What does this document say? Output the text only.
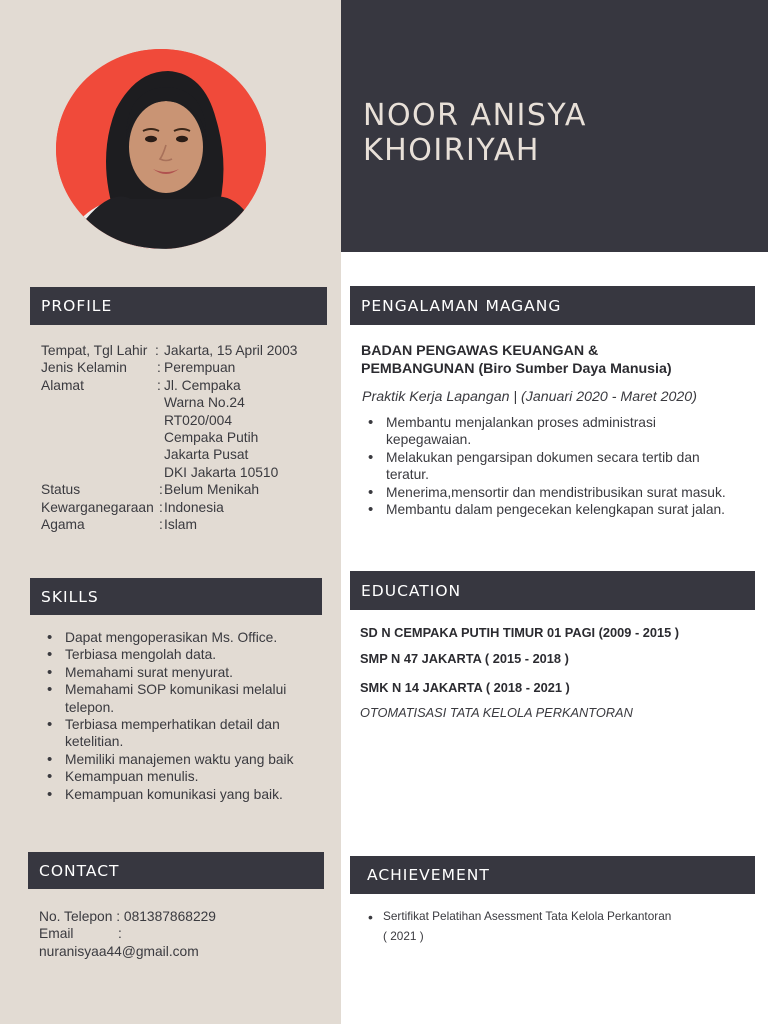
NOOR ANISYA KHOIRIYAH
PROFILE
Tempat, Tgl Lahir : Jakarta, 15 April 2003
Jenis Kelamin : Perempuan
Alamat	: Jl. Cempaka
Warna No.24
RT020/004
Cempaka Putih
Jakarta Pusat
DKI Jakarta 10510
Status	: Belum Menikah
Kewarganegaraan : Indonesia
Agama	: Islam
SKILLS
• Dapat mengoperasikan Ms. Office.
• Terbiasa mengolah data.
• Memahami surat menyurat.
• Memahami SOP komunikasi melalui telepon.
• Terbiasa memperhatikan detail dan ketelitian.
• Memiliki manajemen waktu yang baik
• Kemampuan menulis.
• Kemampuan komunikasi yang baik.
CONTACT
No. Telepon : 081387868229
Email	:
nuranisyaa44@gmail.com
PENGALAMAN MAGANG
BADAN PENGAWAS KEUANGAN &
PEMBANGUNAN (Biro Sumber Daya Manusia)
Praktik Kerja Lapangan | (Januari 2020 - Maret 2020)
• Membantu menjalankan proses administrasi kepegawaian.
• Melakukan pengarsipan dokumen secara tertib dan teratur.
• Menerima,mensortir dan mendistribusikan surat masuk.
• Membantu dalam pengecekan kelengkapan surat jalan.
EDUCATION
SD N CEMPAKA PUTIH TIMUR 01 PAGI (2009 - 2015 )
SMP N 47 JAKARTA ( 2015 - 2018 )
SMK N 14 JAKARTA ( 2018 - 2021 )
OTOMATISASI TATA KELOLA PERKANTORAN
ACHIEVEMENT
• Sertifikat Pelatihan Asessment Tata Kelola Perkantoran
( 2021 )
